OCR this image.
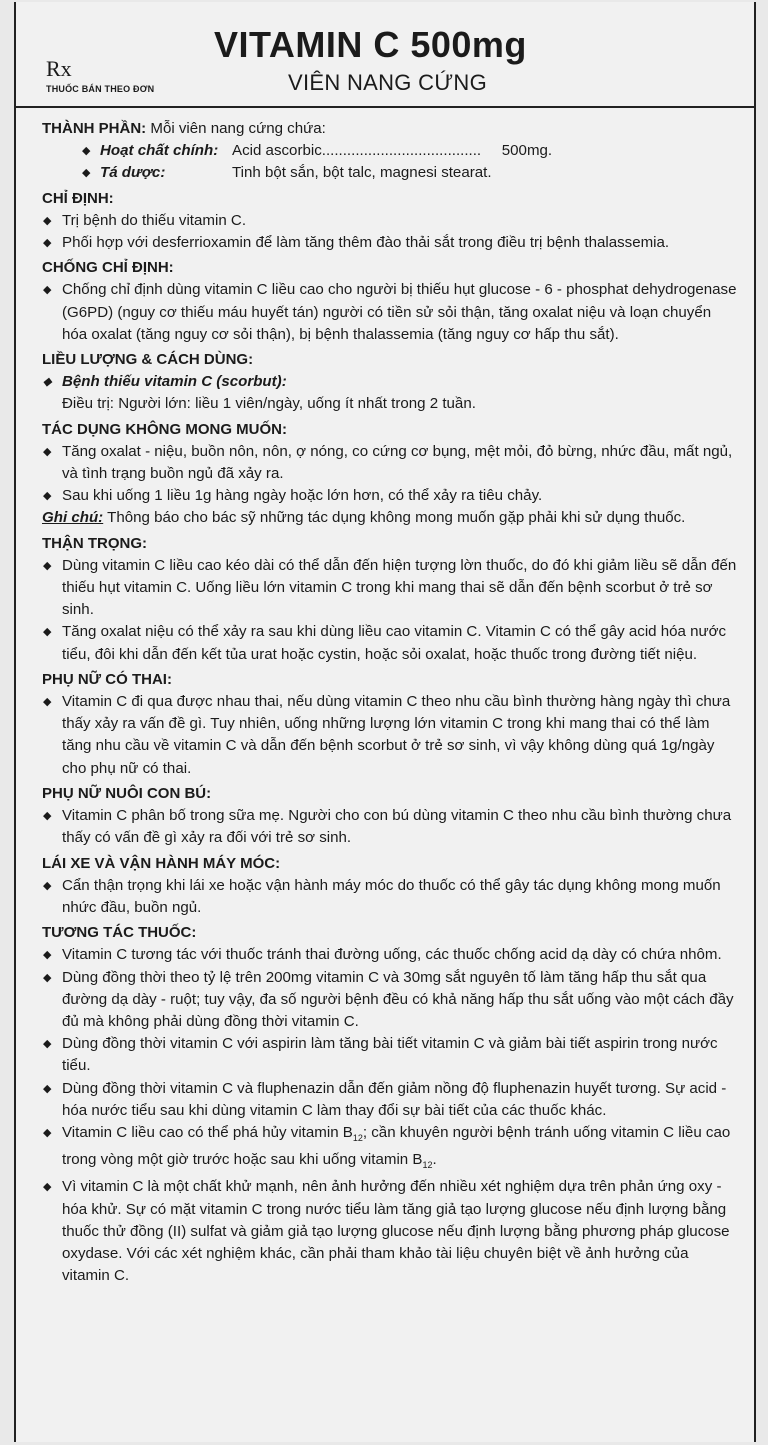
Rx
THUỐC BÁN THEO ĐƠN
VITAMIN C 500mg
VIÊN NANG CỨNG
THÀNH PHẦN: Mỗi viên nang cứng chứa:
◆ Hoạt chất chính: Acid ascorbic...................................... 500mg.
◆ Tá dược:	Tinh bột sắn, bột talc, magnesi stearat.
CHỈ ĐỊNH:
◆ Trị bệnh do thiếu vitamin C.
◆ Phối hợp với desferrioxamin để làm tăng thêm đào thải sắt trong điều trị bệnh thalassemia.
CHỐNG CHỈ ĐỊNH:
◆ Chống chỉ định dùng vitamin C liều cao cho người bị thiếu hụt glucose - 6 - phosphat dehydrogenase (G6PD) (nguy cơ thiếu máu huyết tán) người có tiền sử sỏi thận, tăng oxalat niệu và loạn chuyển hóa oxalat (tăng nguy cơ sỏi thận), bị bệnh thalassemia (tăng nguy cơ hấp thu sắt).
LIỀU LƯỢNG & CÁCH DÙNG:
◆ Bệnh thiếu vitamin C (scorbut):
Điều trị: Người lớn: liều 1 viên/ngày, uống ít nhất trong 2 tuần.
TÁC DỤNG KHÔNG MONG MUỐN:
◆ Tăng oxalat - niệu, buồn nôn, nôn, ợ nóng, co cứng cơ bụng, mệt mỏi, đỏ bừng, nhức đầu, mất ngủ, và tình trạng buồn ngủ đã xảy ra.
◆ Sau khi uống 1 liều 1g hàng ngày hoặc lớn hơn, có thể xảy ra tiêu chảy.
Ghi chú: Thông báo cho bác sỹ những tác dụng không mong muốn gặp phải khi sử dụng thuốc.
THẬN TRỌNG:
◆ Dùng vitamin C liều cao kéo dài có thể dẫn đến hiện tượng lờn thuốc, do đó khi giảm liều sẽ dẫn đến thiếu hụt vitamin C. Uống liều lớn vitamin C trong khi mang thai sẽ dẫn đến bệnh scorbut ở trẻ sơ sinh.
◆ Tăng oxalat niệu có thể xảy ra sau khi dùng liều cao vitamin C. Vitamin C có thể gây acid hóa nước tiểu, đôi khi dẫn đến kết tủa urat hoặc cystin, hoặc sỏi oxalat, hoặc thuốc trong đường tiết niệu.
PHỤ NỮ CÓ THAI:
◆ Vitamin C đi qua được nhau thai, nếu dùng vitamin C theo nhu cầu bình thường hàng ngày thì chưa thấy xảy ra vấn đề gì. Tuy nhiên, uống những lượng lớn vitamin C trong khi mang thai có thể làm tăng nhu cầu về vitamin C và dẫn đến bệnh scorbut ở trẻ sơ sinh, vì vậy không dùng quá 1g/ngày cho phụ nữ có thai.
PHỤ NỮ NUÔI CON BÚ:
◆ Vitamin C phân bố trong sữa mẹ. Người cho con bú dùng vitamin C theo nhu cầu bình thường chưa thấy có vấn đề gì xảy ra đối với trẻ sơ sinh.
LÁI XE VÀ VẬN HÀNH MÁY MÓC:
◆ Cẩn thận trọng khi lái xe hoặc vận hành máy móc do thuốc có thể gây tác dụng không mong muốn nhức đầu, buồn ngủ.
TƯƠNG TÁC THUỐC:
◆ Vitamin C tương tác với thuốc tránh thai đường uống, các thuốc chống acid dạ dày có chứa nhôm.
◆ Dùng đồng thời theo tỷ lệ trên 200mg vitamin C và 30mg sắt nguyên tố làm tăng hấp thu sắt qua đường dạ dày - ruột; tuy vậy, đa số người bệnh đều có khả năng hấp thu sắt uống vào một cách đầy đủ mà không phải dùng đồng thời vitamin C.
◆ Dùng đồng thời vitamin C với aspirin làm tăng bài tiết vitamin C và giảm bài tiết aspirin trong nước tiểu.
◆ Dùng đồng thời vitamin C và fluphenazin dẫn đến giảm nồng độ fluphenazin huyết tương. Sự acid - hóa nước tiểu sau khi dùng vitamin C làm thay đổi sự bài tiết của các thuốc khác.
◆ Vitamin C liều cao có thể phá hủy vitamin $B_{12}$; cần khuyên người bệnh tránh uống vitamin C liều cao trong vòng một giờ trước hoặc sau khi uống vitamin $B_{12}$.
◆ Vì vitamin C là một chất khử mạnh, nên ảnh hưởng đến nhiều xét nghiệm dựa trên phản ứng oxy - hóa khử. Sự có mặt vitamin C trong nước tiểu làm tăng giả tạo lượng glucose nếu định lượng bằng thuốc thử đồng (II) sulfat và giảm giả tạo lượng glucose nếu định lượng bằng phương pháp glucose oxydase. Với các xét nghiệm khác, cần phải tham khảo tài liệu chuyên biệt về ảnh hưởng của vitamin C.
